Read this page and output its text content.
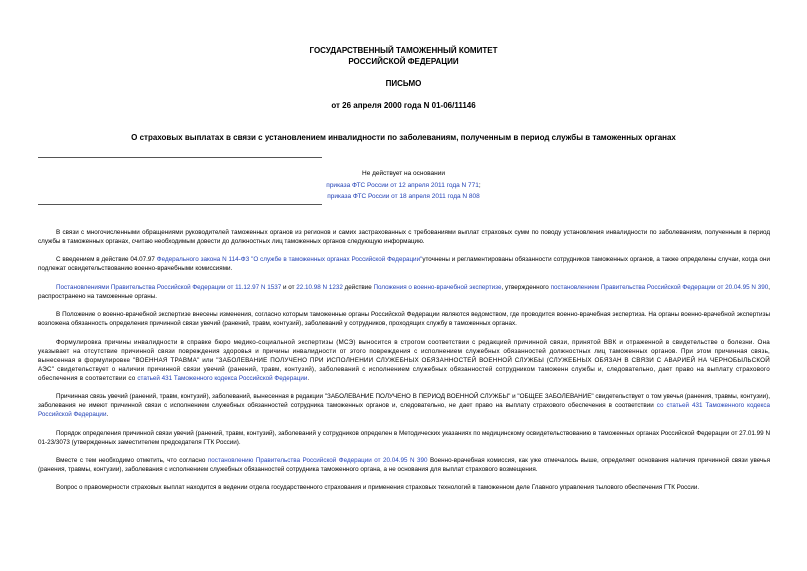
ГОСУДАРСТВЕННЫЙ ТАМОЖЕННЫЙ КОМИТЕТ
РОССИЙСКОЙ ФЕДЕРАЦИИ
ПИСЬМО
от 26 апреля 2000 года N 01-06/11146
О страховых выплатах в связи с установлением инвалидности по заболеваниям, полученным в период службы в таможенных органах
Не действует на основании
приказа ФТС России от 12 апреля 2011 года N 771;
приказа ФТС России от 18 апреля 2011 года N 808

В связи с многочисленными обращениями руководителей таможенных органов из регионов и самих застрахованных с требованиями выплат страховых сумм по поводу установления инвалидности по заболеваниям, полученным в период службы в таможенных органах, считаю необходимым довести до должностных лиц таможенных органов следующую информацию.

С введением в действие 04.07.97 Федерального закона N 114-ФЗ "О службе в таможенных органах Российской Федерации"уточнены и регламентированы обязанности сотрудников таможенных органов, а также определены случаи, когда они подлежат освидетельствованию военно-врачебными комиссиями.

Постановлениями Правительства Российской Федерации от 11.12.97 N 1537 и от 22.10.98 N 1232 действие Положения о военно-врачебной экспертизе, утвержденного постановлением Правительства Российской Федерации от 20.04.95 N 390, распространено на таможенные органы.

В Положение о военно-врачебной экспертизе внесены изменения, согласно которым таможенные органы Российской Федерации являются ведомством, где проводится военно-врачебная экспертиза. На органы военно-врачебной экспертизы возложена обязанность определения причинной связи увечий (ранений, травм, контузий), заболеваний у сотрудников, проходящих службу в таможенных органах.

Формулировка причины инвалидности в справке бюро медико-социальной экспертизы (МСЭ) выносится в строгом соответствии с редакцией причинной связи, принятой ВВК и отраженной в свидетельстве о болезни. Она указывает на отсутствие причинной связи повреждения здоровья и причины инвалидности от этого повреждения с исполнением служебных обязанностей должностных лиц таможенных органов. При этом причинная связь, вынесенная в формулировке "ВОЕННАЯ ТРАВМА" или "ЗАБОЛЕВАНИЕ ПОЛУЧЕНО ПРИ ИСПОЛНЕНИИ СЛУЖЕБНЫХ ОБЯЗАННОСТЕЙ ВОЕННОЙ СЛУЖБЫ (СЛУЖЕБНЫХ ОБЯЗАН В СВЯЗИ С АВАРИЕЙ НА ЧЕРНОБЫЛЬСКОЙ АЭС" свидетельствует о наличии причинной связи увечий (ранений, травм, контузий), заболеваний с исполнением служебных обязанностей сотрудником таможенн службы и, следовательно, дает право на выплату страхового обеспечения в соответствии со статьей 431 Таможенного кодекса Российской Федерации.

Причинная связь увечий (ранений, травм, контузий), заболеваний, вынесенная в редакции "ЗАБОЛЕВАНИЕ ПОЛУЧЕНО В ПЕРИОД ВОЕННОЙ СЛУЖБЫ" и "ОБЩЕЕ ЗАБОЛЕВАНИЕ" свидетельствует о том увечья (ранения, травмы, контузии), заболевания не имеют причинной связи с исполнением служебных обязанностей сотрудника таможенных органов и, следовательно, не дает право на выплату страхового обеспечения в соответствии со статьей 431 Таможенного кодекса Российской Федерации.

Порядок определения причинной связи увечий (ранений, травм, контузий), заболеваний у сотрудников определен в Методических указаниях по медицинскому освидетельствованию в таможенных органах Российской Федерации от 27.01.99 N 01-23/3073 (утвержденных заместителем председателя ГТК России).

Вместе с тем необходимо отметить, что согласно постановлению Правительства Российской Федерации от 20.04.95 N 390 Военно-врачебная комиссия, как уже отмечалось выше, определяет основания наличия причинной связи увечья (ранения, травмы, контузии), заболевания с исполнением служебных обязанностей сотрудника таможенного органа, а не основания для выплат страхового возмещения.

Вопрос о правомерности страховых выплат находится в ведении отдела государственного страхования и применения страховых технологий в таможенном деле Главного управления тылового обеспечения ГТК России.
